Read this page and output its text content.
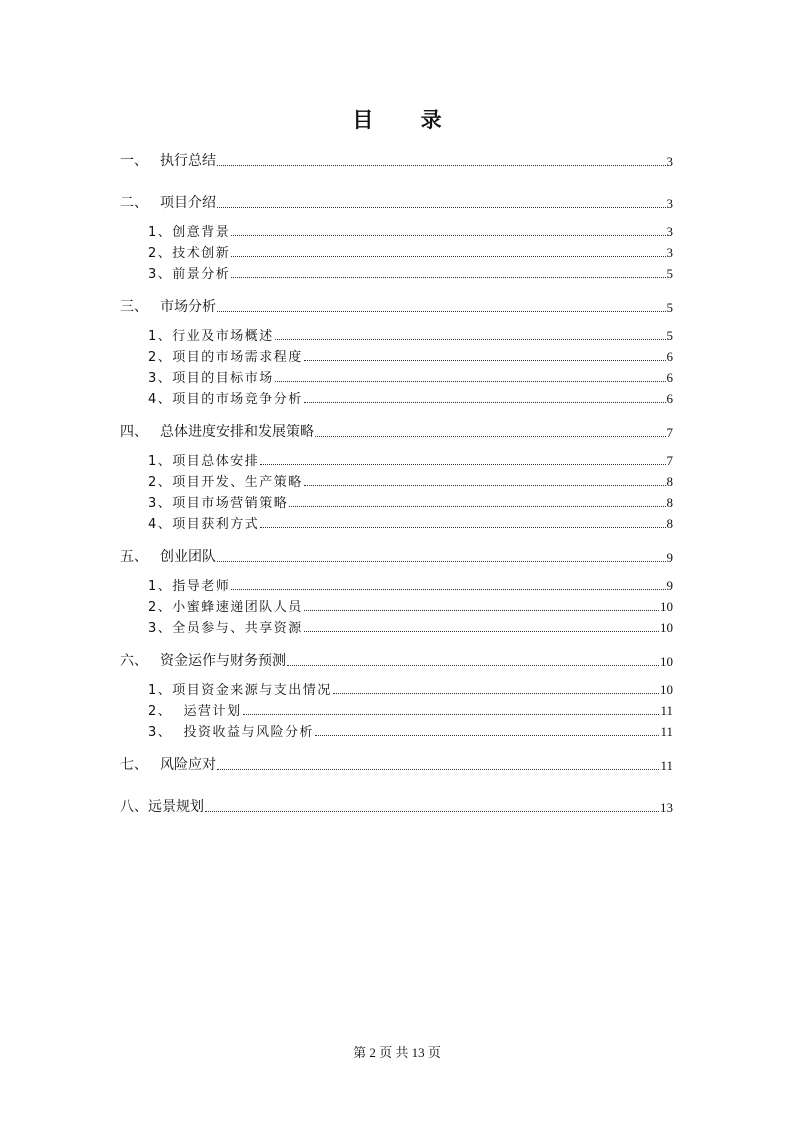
目 录
一、 执行总结	3
二、 项目介绍	3
1、 创意背景	3
2、 技术创新	3
3、 前景分析	5
三、 市场分析	5
1、 行业及市场概述	5
2、 项目的市场需求程度	6
3、 项目的目标市场	6
4、 项目的市场竞争分析	6
四、 总体进度安排和发展策略	7
1、 项目总体安排	7
2、 项目开发、生产策略	8
3、 项目市场营销策略	8
4、 项目获利方式	8
五、 创业团队	9
1、 指导老师	9
2、 小蜜蜂速递团队人员	10
3、 全员参与、共享资源	10
六、 资金运作与财务预测	10
1、 项目资金来源与支出情况	10
2、 运营计划	11
3、 投资收益与风险分析	11
七、 风险应对	11
八、 远景规划	13
第 2 页 共 13 页
